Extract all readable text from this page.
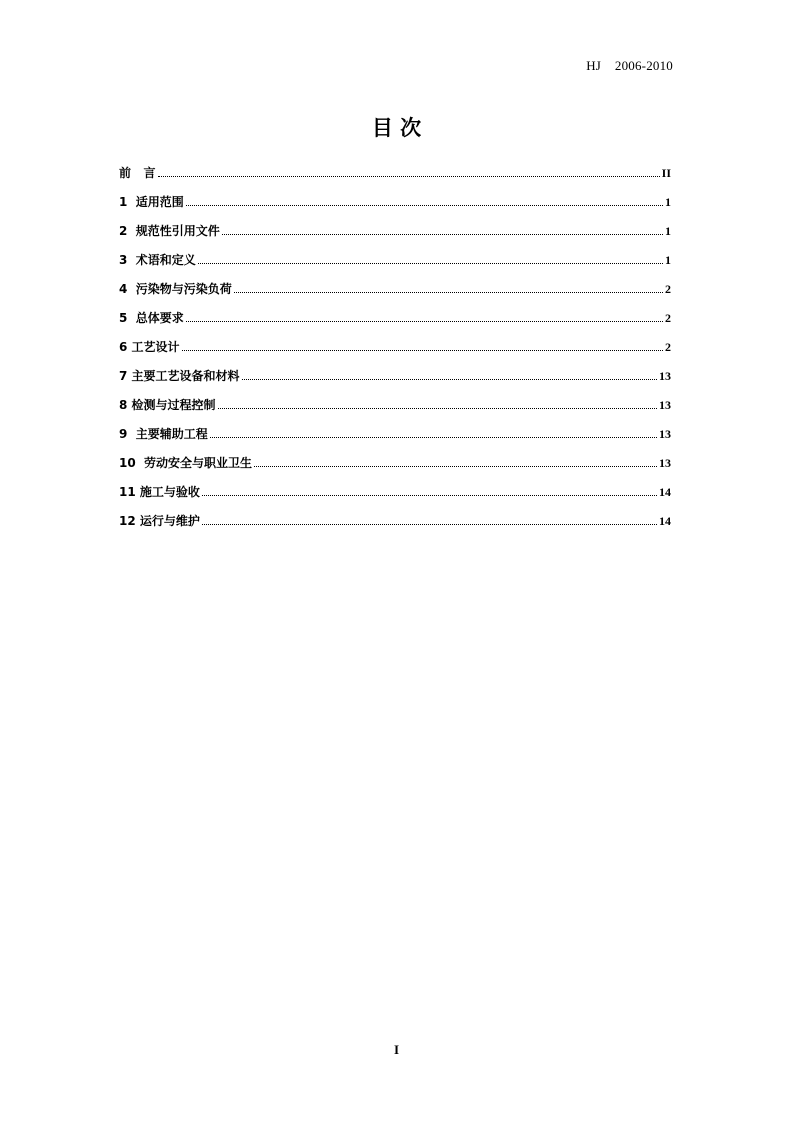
HJ    2006-2010
目 次
前   言	II
1  适用范围	1
2  规范性引用文件	1
3  术语和定义	1
4  污染物与污染负荷	2
5  总体要求	2
6 工艺设计	2
7 主要工艺设备和材料	13
8 检测与过程控制	13
9  主要辅助工程	13
10  劳动安全与职业卫生	13
11 施工与验收	14
12 运行与维护	14
I
